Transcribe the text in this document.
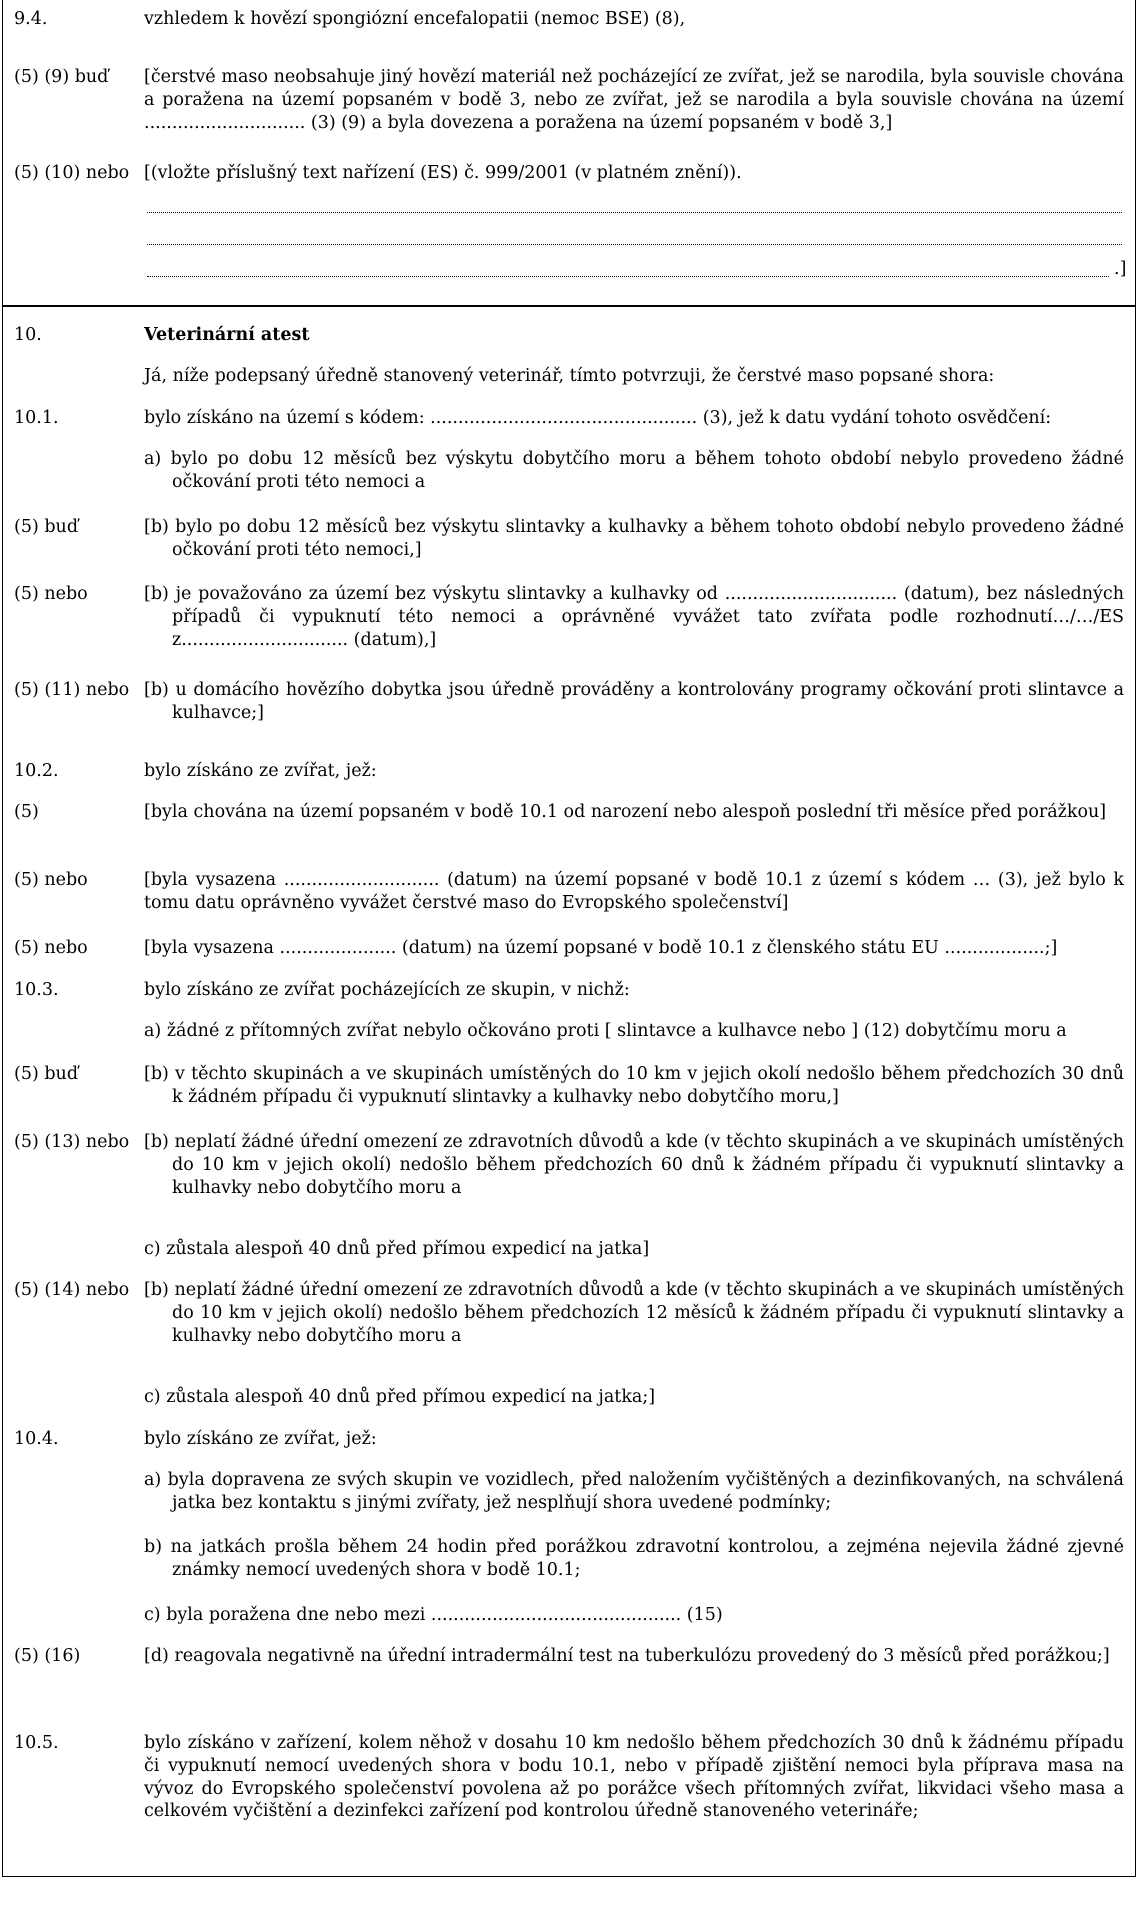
9.4.	vzhledem k hovězí spongiózní encefalopatii (nemoc BSE) (8),
(5) (9) buď	[čerstvé maso neobsahuje jiný hovězí materiál než pocházející ze zvířat, jež se narodila, byla souvisle chována a poražena na území popsaném v bodě 3, nebo ze zvířat, jež se narodila a byla souvisle chována na území ............................. (3) (9) a byla dovezena a poražena na území popsaném v bodě 3,]
(5) (10) nebo [(vložte příslušný text nařízení (ES) č. 999/2001 (v platném znění)).
.]
10.	Veterinární atest
Já, níže podepsaný úředně stanovený veterinář, tímto potvrzuji, že čerstvé maso popsané shora:
10.1.	bylo získáno na území s kódem: ................................................ (3), jež k datu vydání tohoto osvědčení:
a) bylo po dobu 12 měsíců bez výskytu dobytčího moru a během tohoto období nebylo provedeno žádné očkování proti této nemoci a
(5) buď	[b) bylo po dobu 12 měsíců bez výskytu slintavky a kulhavky a během tohoto období nebylo provedeno žádné očkování proti této nemoci,]
(5) nebo	[b) je považováno za území bez výskytu slintavky a kulhavky od ............................... (datum), bez následných případů či vypuknutí této nemoci a oprávněné vyvážet tato zvířata podle rozhodnutí…/…/ES z.............................. (datum),]
(5) (11) nebo [b) u domácího hovězího dobytka jsou úředně prováděny a kontrolovány programy očkování proti slintavce a kulhavce;]
10.2.	bylo získáno ze zvířat, jež:
(5)	[byla chována na území popsaném v bodě 10.1 od narození nebo alespoň poslední tři měsíce před porážkou]
(5) nebo	[byla vysazena ............................ (datum) na území popsané v bodě 10.1 z území s kódem … (3), jež bylo k tomu datu oprávněno vyvážet čerstvé maso do Evropského společenství]
(5) nebo	[byla vysazena ..................... (datum) na území popsané v bodě 10.1 z členského státu EU ..................;]
10.3.	bylo získáno ze zvířat pocházejících ze skupin, v nichž:
a) žádné z přítomných zvířat nebylo očkováno proti [ slintavce a kulhavce nebo ] (12) dobytčímu moru a
(5) buď	[b) v těchto skupinách a ve skupinách umístěných do 10 km v jejich okolí nedošlo během předchozích 30 dnů k žádném případu či vypuknutí slintavky a kulhavky nebo dobytčího moru,]
(5) (13) nebo [b) neplatí žádné úřední omezení ze zdravotních důvodů a kde (v těchto skupinách a ve skupinách umístěných do 10 km v jejich okolí) nedošlo během předchozích 60 dnů k žádném případu či vypuknutí slintavky a kulhavky nebo dobytčího moru a
c) zůstala alespoň 40 dnů před přímou expedicí na jatka]
(5) (14) nebo [b) neplatí žádné úřední omezení ze zdravotních důvodů a kde (v těchto skupinách a ve skupinách umístěných do 10 km v jejich okolí) nedošlo během předchozích 12 měsíců k žádném případu či vypuknutí slintavky a kulhavky nebo dobytčího moru a
c) zůstala alespoň 40 dnů před přímou expedicí na jatka;]
10.4.	bylo získáno ze zvířat, jež:
a) byla dopravena ze svých skupin ve vozidlech, před naložením vyčištěných a dezinfikovaných, na schválená jatka bez kontaktu s jinými zvířaty, jež nesplňují shora uvedené podmínky;
b) na jatkách prošla během 24 hodin před porážkou zdravotní kontrolou, a zejména nejevila žádné zjevné známky nemocí uvedených shora v bodě 10.1;
c) byla poražena dne nebo mezi ............................................. (15)
(5) (16)	[d) reagovala negativně na úřední intradermální test na tuberkulózu provedený do 3 měsíců před porážkou;]
10.5.	bylo získáno v zařízení, kolem něhož v dosahu 10 km nedošlo během předchozích 30 dnů k žádnému případu či vypuknutí nemocí uvedených shora v bodu 10.1, nebo v případě zjištění nemoci byla příprava masa na vývoz do Evropského společenství povolena až po porážce všech přítomných zvířat, likvidaci všeho masa a celkovém vyčištění a dezinfekci zařízení pod kontrolou úředně stanoveného veterináře;
